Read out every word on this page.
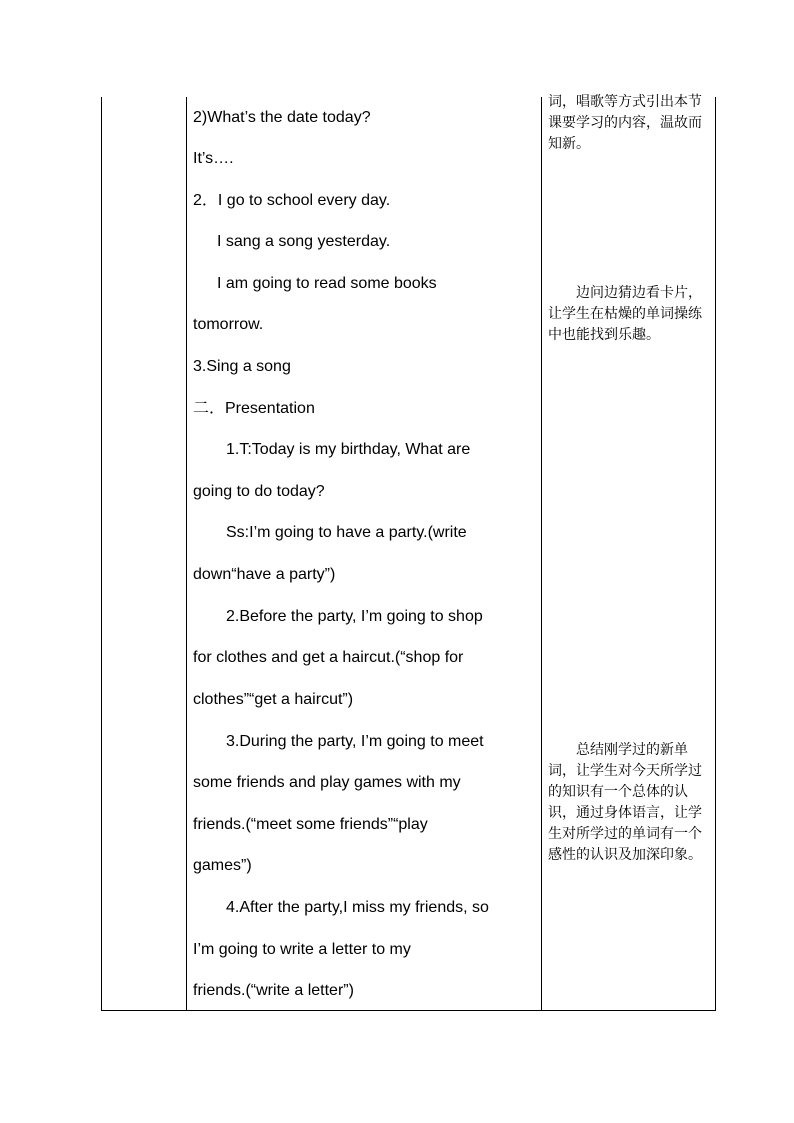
2)What’s the date today?
It’s….
2．I go to school every day.
I sang a song yesterday.
I am going to read some books
tomorrow.
3.Sing a song
二．Presentation
1.T:Today is my birthday, What are
going to do today?
Ss:I’m going to have a party.(write
down“have a party”)
2.Before the party, I’m going to shop
for clothes and get a haircut.(“shop for
clothes”“get a haircut”)
3.During the party, I’m going to meet
some friends and play games with my
friends.(“meet some friends”“play
games”)
4.After the party,I miss my friends, so
I’m going to write a letter to my
friends.(“write a letter”)
词，唱歌等方式引出本节课要学习的内容，温故而知新。
边问边猜边看卡片，让学生在枯燥的单词操练中也能找到乐趣。
总结刚学过的新单词，让学生对今天所学过的知识有一个总体的认识，通过身体语言，让学生对所学过的单词有一个感性的认识及加深印象。
